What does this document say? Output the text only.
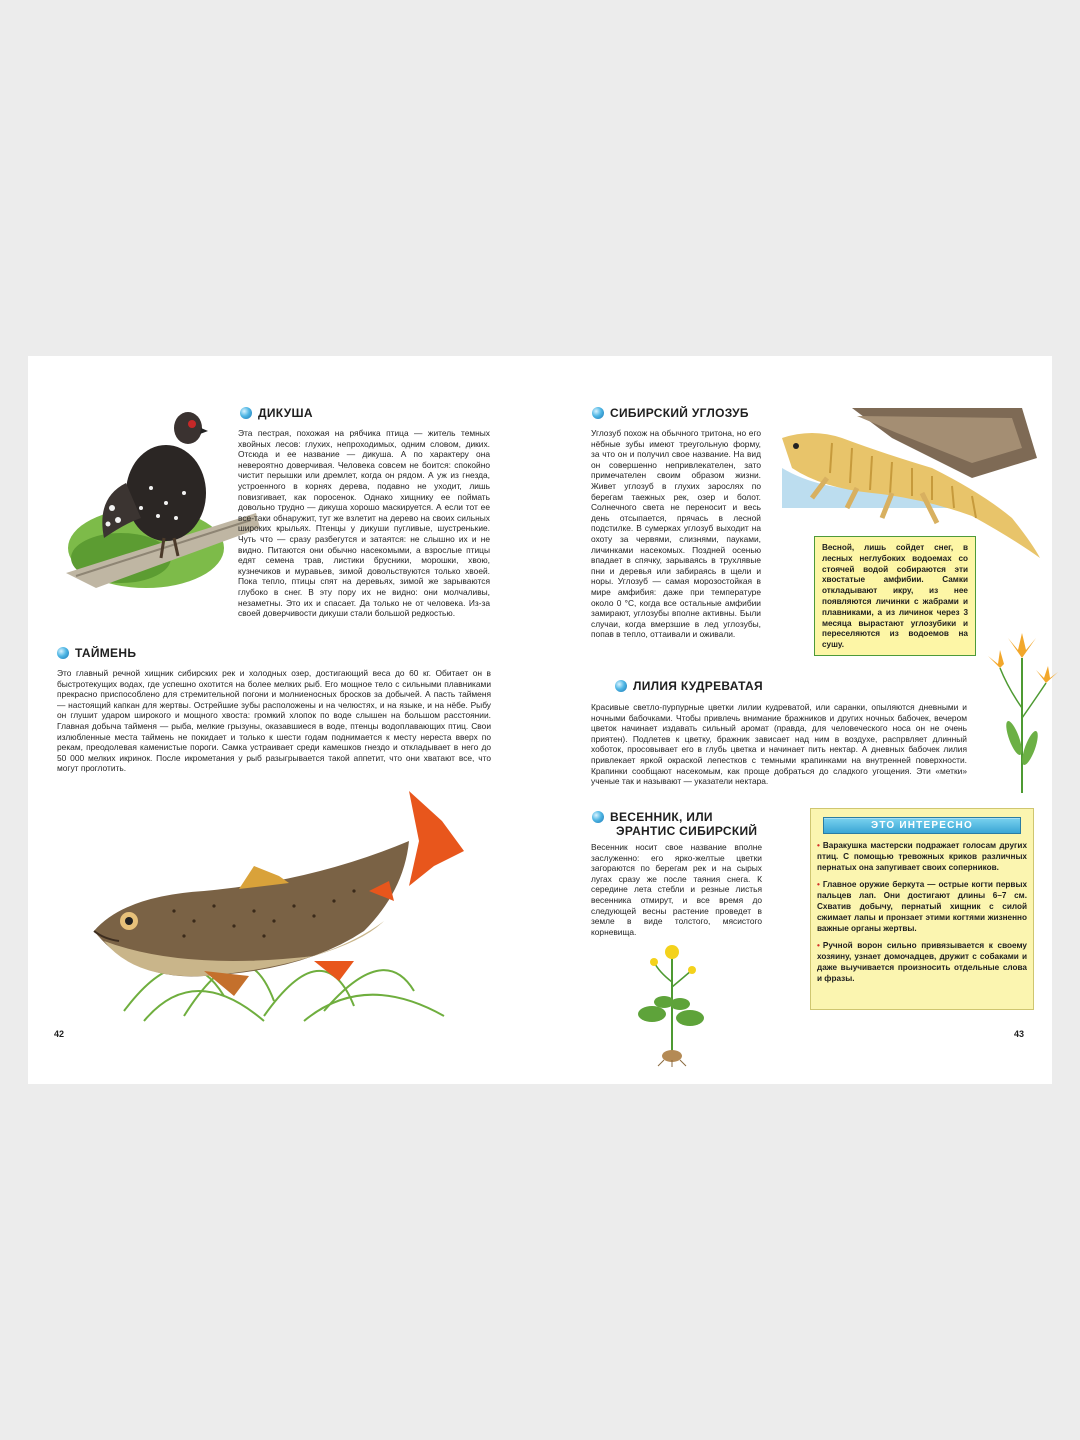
ДИКУША

Эта пестрая, похожая на рябчика птица — житель темных хвойных лесов: глухих, непроходимых, одним словом, диких. Отсюда и ее название — дикуша. А по характеру она невероятно доверчивая. Человека совсем не боится: спокойно чистит перышки или дремлет, когда он рядом. А уж из гнезда, устроенного в корнях дерева, подавно не уходит, лишь повизгивает, как поросенок. Однако хищнику ее поймать довольно трудно — дикуша хорошо маскируется. А если тот ее все-таки обнаружит, тут же взлетит на дерево на своих сильных широких крыльях. Птенцы у дикуши пугливые, шустренькие. Чуть что — сразу разбегутся и затаятся: не слышно их и не видно. Питаются они обычно насекомыми, а взрослые птицы едят семена трав, листики брусники, морошки, хвою, кузнечиков и муравьев, зимой довольствуются только хвоей. Пока тепло, птицы спят на деревьях, зимой же зарываются глубоко в снег. В эту пору их не видно: они молчаливы, незаметны. Это их и спасает. Да только не от человека. Из-за своей доверчивости дикуши стали большой редкостью.

ТАЙМЕНЬ

Это главный речной хищник сибирских рек и холодных озер, достигающий веса до 60 кг. Обитает он в быстротекущих водах, где успешно охотится на более мелких рыб. Его мощное тело с сильными плавниками прекрасно приспособлено для стремительной погони и молниеносных бросков за добычей. А пасть тайменя — настоящий капкан для жертвы. Острейшие зубы расположены и на челюстях, и на языке, и на нёбе. Рыбу он глушит ударом широкого и мощного хвоста: громкий хлопок по воде слышен на большом расстоянии. Главная добыча тайменя — рыба, мелкие грызуны, оказавшиеся в воде, птенцы водоплавающих птиц. Свои излюбленные места таймень не покидает и только к шести годам поднимается к месту нереста вверх по рекам, преодолевая каменистые пороги. Самка устраивает среди камешков гнездо и откладывает в него до 50 000 мелких икринок. После икрометания у рыб разыгрывается такой аппетит, что они хватают все, что могут проглотить.

42
СИБИРСКИЙ УГЛОЗУБ

Углозуб похож на обычного тритона, но его нёбные зубы имеют треугольную форму, за что он и получил свое название. На вид он совершенно непривлекателен, зато примечателен своим образом жизни. Живет углозуб в глухих зарослях по берегам таежных рек, озер и болот. Солнечного света не переносит и весь день отсыпается, прячась в лесной подстилке. В сумерках углозуб выходит на охоту за червями, слизнями, пауками, личинками насекомых. Поздней осенью впадает в спячку, зарываясь в трухлявые пни и деревья или забираясь в щели и норы. Углозуб — самая морозостойкая в мире амфибия: даже при температуре около 0 °C, когда все остальные амфибии замирают, углозубы вполне активны. Были случаи, когда вмерзшие в лед углозубы, попав в тепло, оттаивали и оживали.

Весной, лишь сойдет снег, в лесных неглубоких водоемах со стоячей водой собираются эти хвостатые амфибии. Самки откладывают икру, из нее появляются личинки с жабрами и плавниками, а из личинок через 3 месяца вырастают углозубики и переселяются из водоемов на сушу.
ЛИЛИЯ КУДРЕВАТАЯ

Красивые светло-пурпурные цветки лилии кудреватой, или саранки, опыляются дневными и ночными бабочками. Чтобы привлечь внимание бражников и других ночных бабочек, вечером цветок начинает издавать сильный аромат (правда, для человеческого носа он не очень приятен). Подлетев к цветку, бражник зависает над ним в воздухе, распрвляет длинный хоботок, просовывает его в глубь цветка и начинает пить нектар. А дневных бабочек лилия привлекает яркой окраской лепестков с темными крапинками на внутренней поверхности. Крапинки сообщают насекомым, как проще добраться до сладкого угощения. Эти «метки» ученые так и называют — указатели нектара.

ВЕСЕННИК, ИЛИ
ЭРАНТИС СИБИРСКИЙ

Весенник носит свое название вполне заслуженно: его ярко-желтые цветки загораются по берегам рек и на сырых лугах сразу же после таяния снега. К середине лета стебли и резные листья весенника отмирут, и все время до следующей весны растение проведет в земле в виде толстого, мясистого корневища.

ЭТО ИНТЕРЕСНО

• Варакушка мастерски подражает голосам других птиц. С помощью тревожных криков различных пернатых она запугивает своих соперников.

• Главное оружие беркута — острые когти первых пальцев лап. Они достигают длины 6–7 см. Схватив добычу, пернатый хищник с силой сжимает лапы и пронзает этими когтями жизненно важные органы жертвы.

• Ручной ворон сильно привязывается к своему хозяину, узнает домочадцев, дружит с собаками и даже выучивается произносить отдельные слова и фразы.

43
